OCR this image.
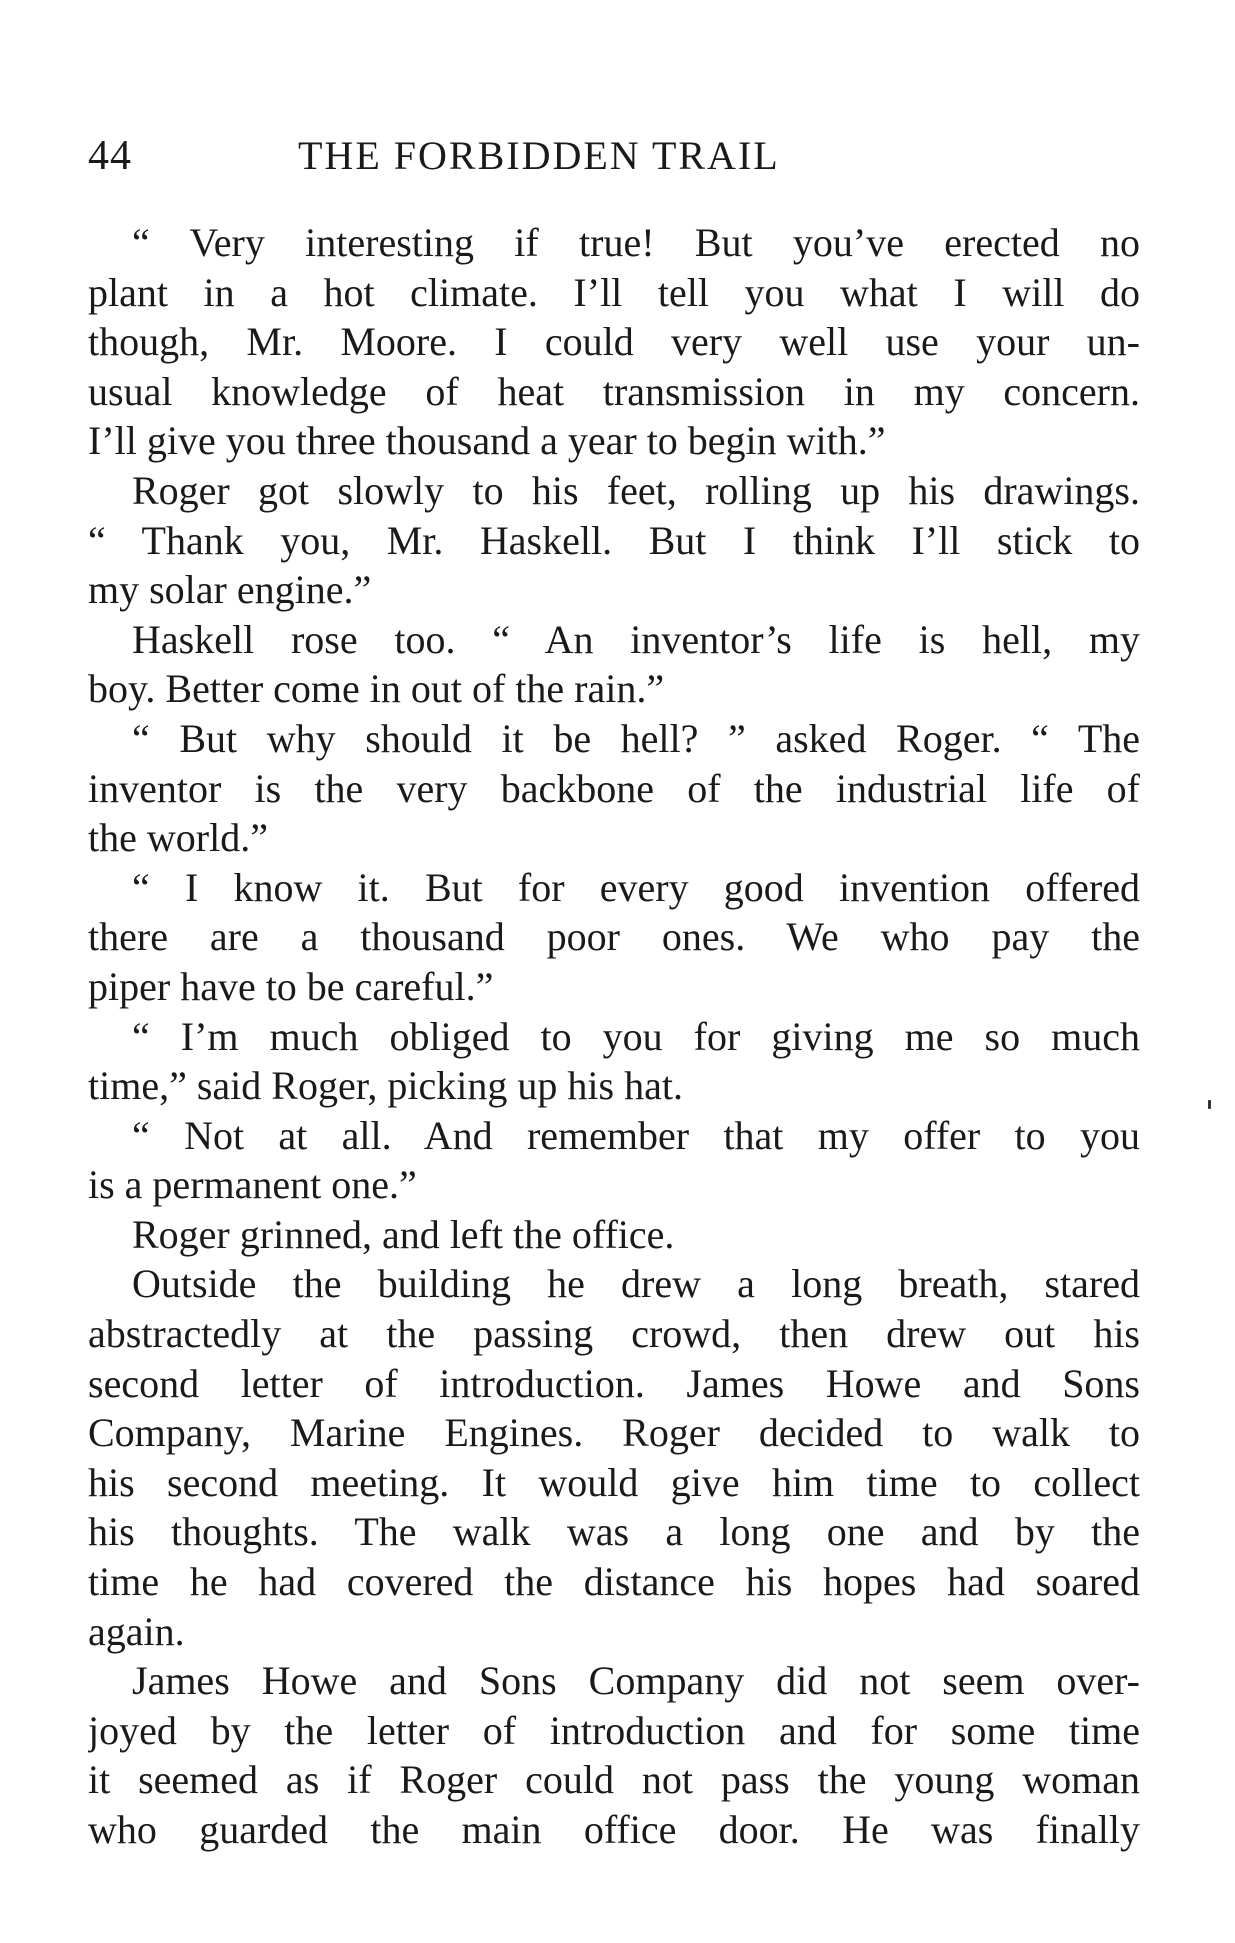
44	THE FORBIDDEN TRAIL
“ Very interesting if true! But you’ve erected no
plant in a hot climate. I’ll tell you what I will do
though, Mr. Moore. I could very well use your un-
usual knowledge of heat transmission in my concern.
I’ll give you three thousand a year to begin with.”
Roger got slowly to his feet, rolling up his drawings.
“ Thank you, Mr. Haskell. But I think I’ll stick to
my solar engine.”
Haskell rose too. “ An inventor’s life is hell, my
boy. Better come in out of the rain.”
“ But why should it be hell? ” asked Roger. “ The
inventor is the very backbone of the industrial life of
the world.”
“ I know it. But for every good invention offered
there are a thousand poor ones. We who pay the
piper have to be careful.”
“ I’m much obliged to you for giving me so much
time,” said Roger, picking up his hat.
“ Not at all. And remember that my offer to you
is a permanent one.”
Roger grinned, and left the office.
Outside the building he drew a long breath, stared
abstractedly at the passing crowd, then drew out his
second letter of introduction. James Howe and Sons
Company, Marine Engines. Roger decided to walk to
his second meeting. It would give him time to collect
his thoughts. The walk was a long one and by the
time he had covered the distance his hopes had soared
again.
James Howe and Sons Company did not seem over-
joyed by the letter of introduction and for some time
it seemed as if Roger could not pass the young woman
who guarded the main office door. He was finally
